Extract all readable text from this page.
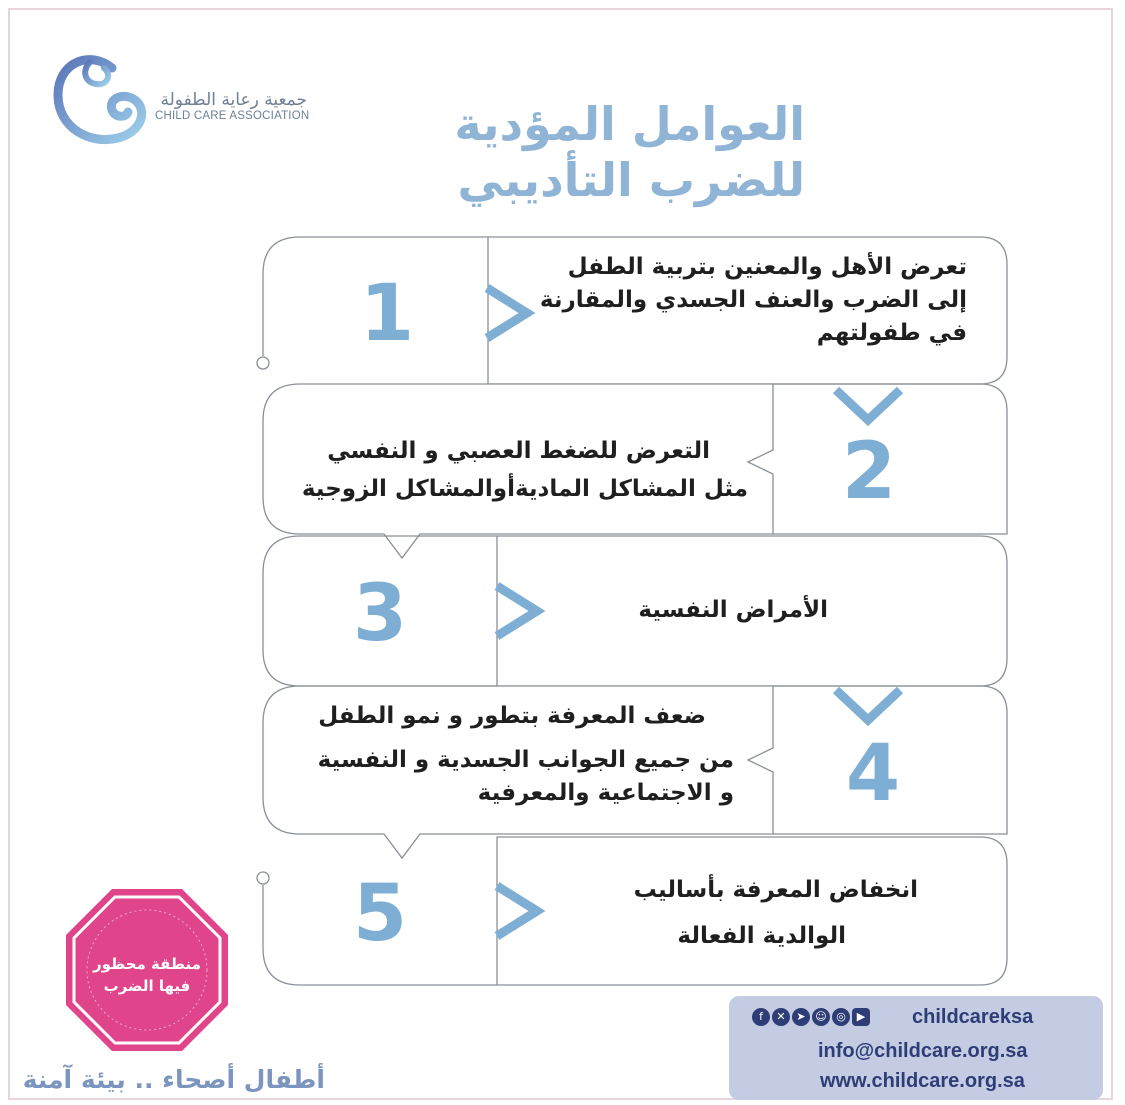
جمعية رعاية الطفولة
CHILD CARE ASSOCIATION	العوامل المؤدية
للضرب التأديبي
1
2
3
4
5
تعرض الأهل والمعنين بتربية الطفل
إلى الضرب والعنف الجسدي والمقارنة
في طفولتهم
التعرض للضغط العصبي و النفسي
مثل المشاكل الماديةأوالمشاكل الزوجية
الأمراض النفسية
ضعف المعرفة بتطور و نمو الطفل
من جميع الجوانب الجسدية و النفسية
و الاجتماعية والمعرفية
انخفاض المعرفة بأساليب
الوالدية الفعالة
منطقة محظور
فيها الضرب
أطفال أصحاء .. بيئة آمنة
f	✕ ➤ ☺ ◎ ▶ childcareksa
info@childcare.org.sa
www.childcare.org.sa
